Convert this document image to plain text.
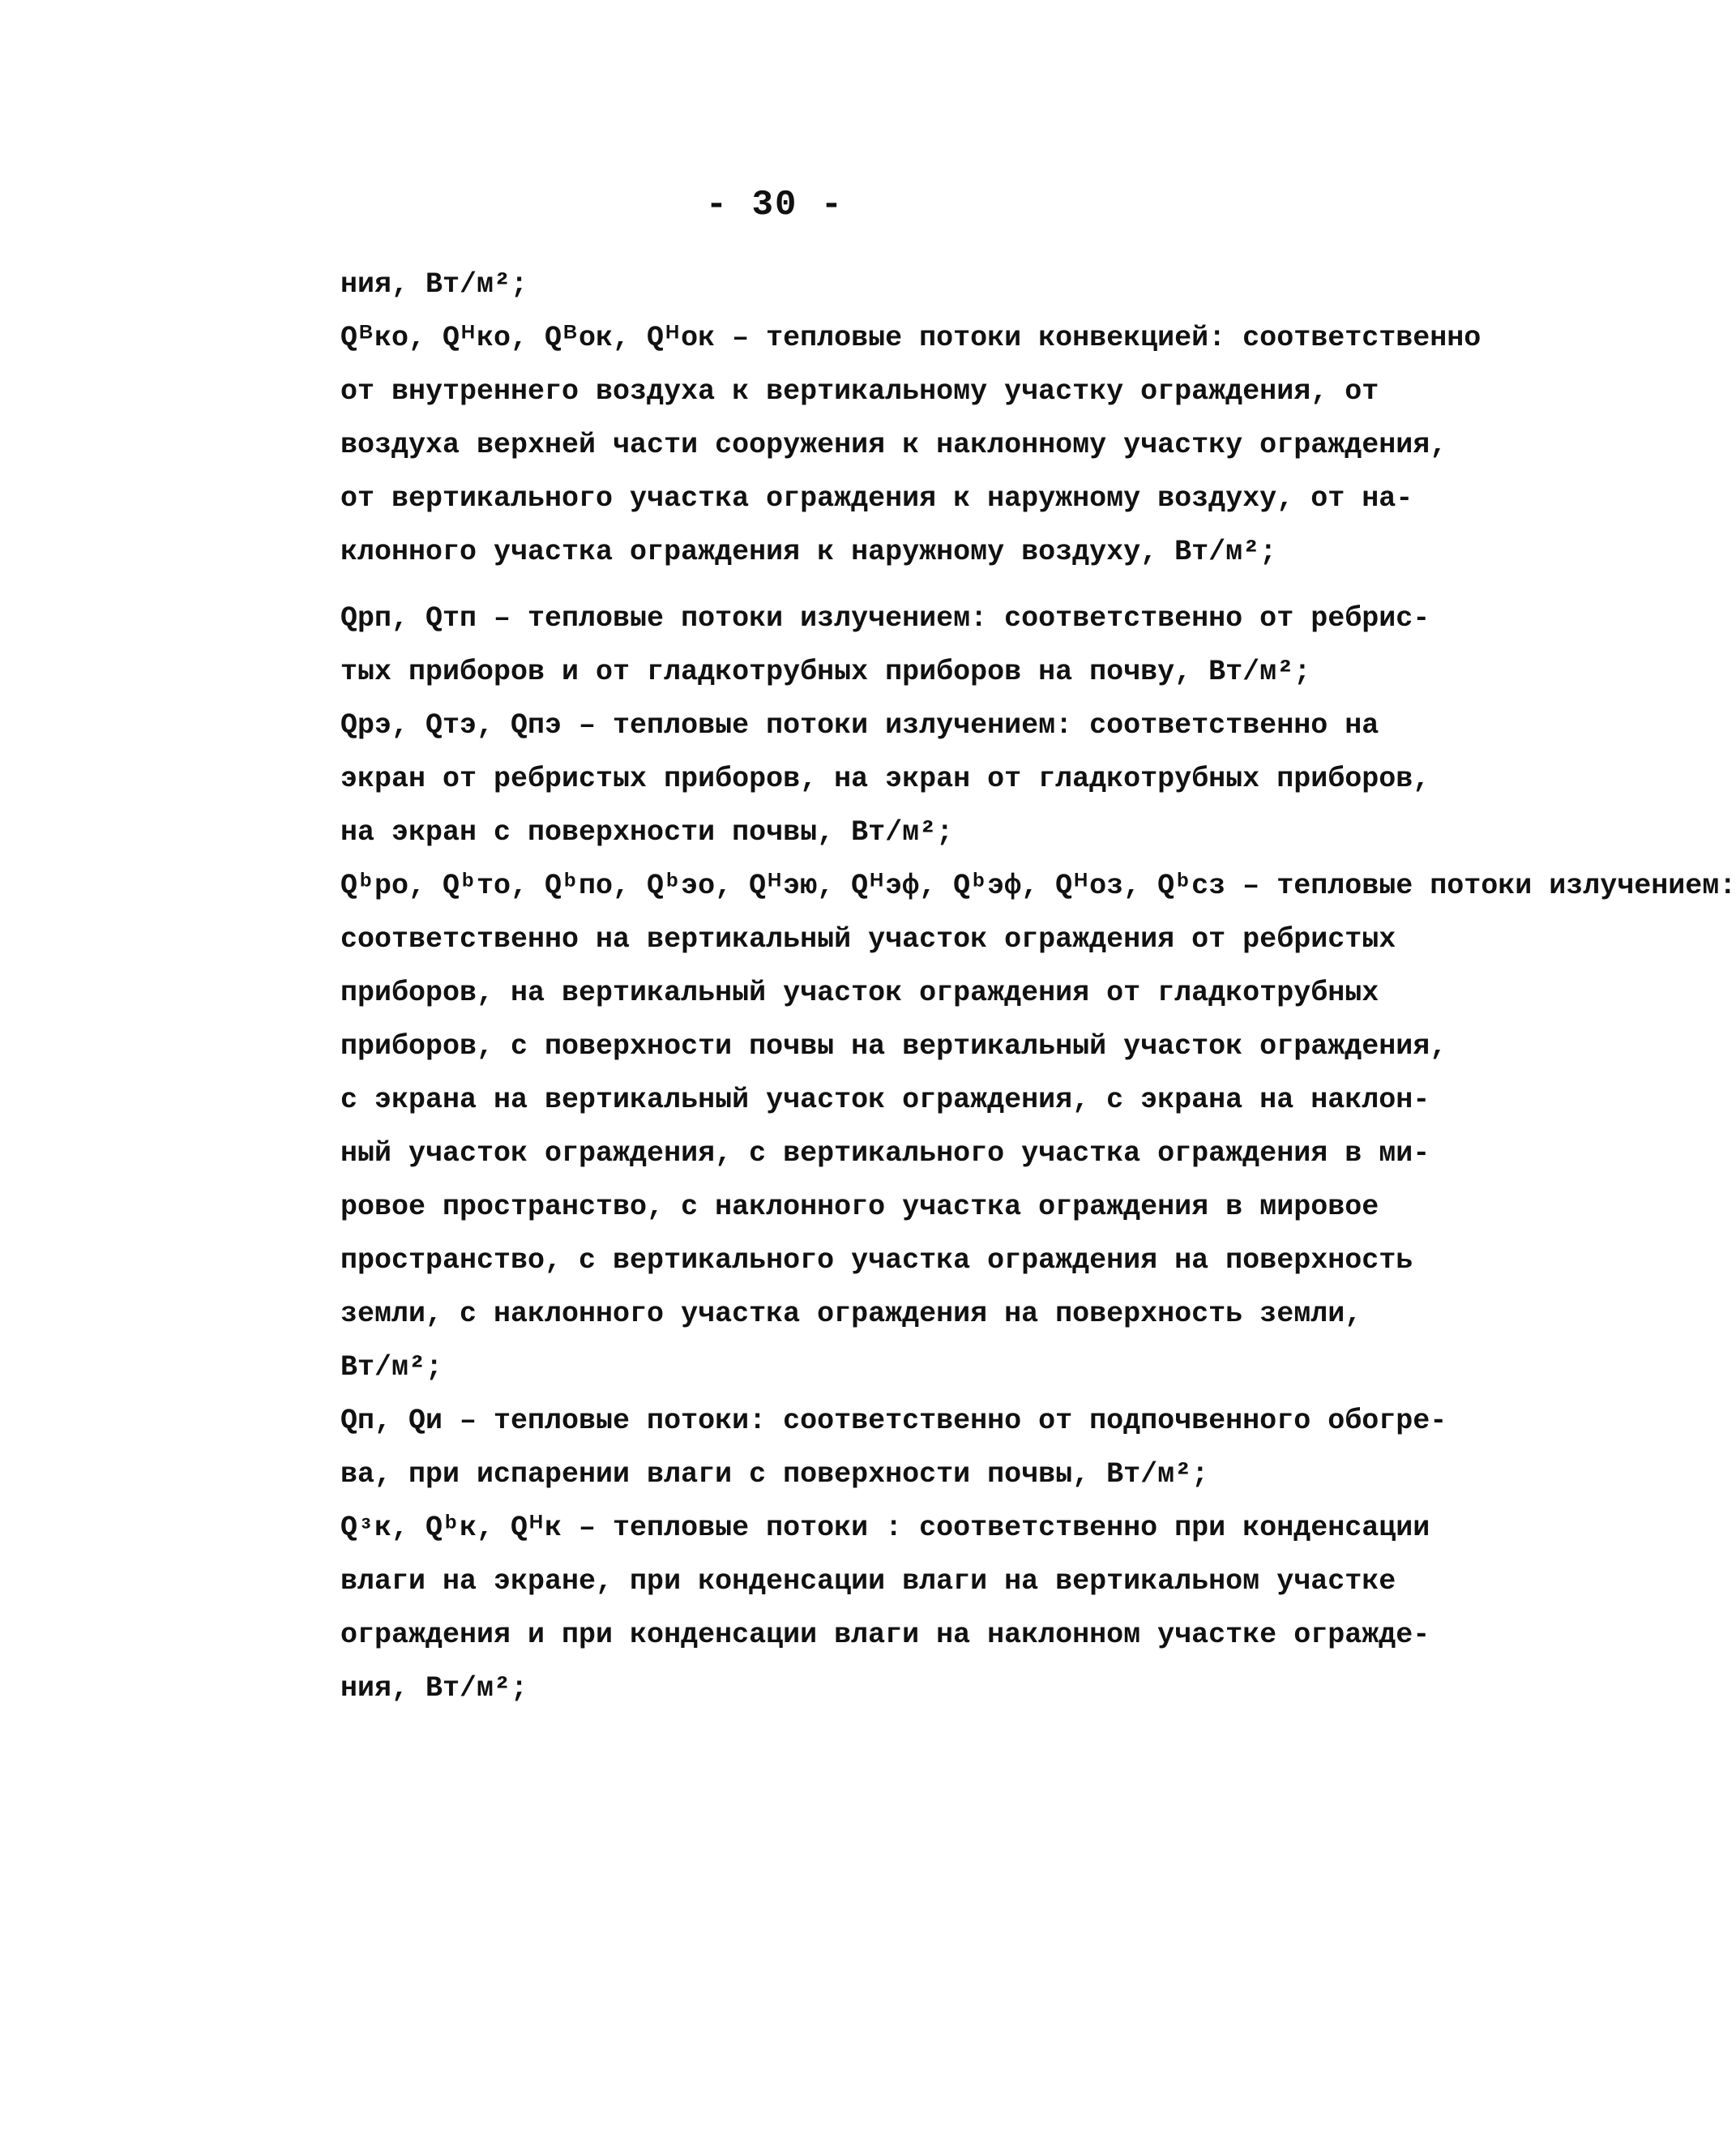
- 30 -
ния, Вт/м²;
Qᴮко, Qᴴко, Qᴮок, Qᴴок – тепловые потоки конвекцией: соответственно
от внутреннего воздуха к вертикальному участку ограждения, от
воздуха верхней части сооружения к наклонному участку ограждения,
от вертикального участка ограждения к наружному воздуху, от на-
клонного участка ограждения к наружному воздуху, Вт/м²;
Qрп, Qтп – тепловые потоки излучением: соответственно от ребрис-
тых приборов и от гладкотрубных приборов на почву, Вт/м²;
Qрэ, Qтэ, Qпэ – тепловые потоки излучением: соответственно на
экран от ребристых приборов, на экран от гладкотрубных приборов,
на экран с поверхности почвы, Вт/м²;
Qᵇро, Qᵇто, Qᵇпо, Qᵇэо, Qᴴэю, Qᴴэф, Qᵇэф, Qᴴоз, Qᵇсз – тепловые потоки излучением:
соответственно на вертикальный участок ограждения от ребристых
приборов, на вертикальный участок ограждения от гладкотрубных
приборов, с поверхности почвы на вертикальный участок ограждения,
с экрана на вертикальный участок ограждения, с экрана на наклон-
ный участок ограждения, с вертикального участка ограждения в ми-
ровое пространство, с наклонного участка ограждения в мировое
пространство, с вертикального участка ограждения на поверхность
земли, с наклонного участка ограждения на поверхность земли,
Вт/м²;
Qп, Qи – тепловые потоки: соответственно от подпочвенного обогре-
ва, при испарении влаги с поверхности почвы, Вт/м²;
Qᵌк, Qᵇк, Qᴴк – тепловые потоки : соответственно при конденсации
влаги на экране, при конденсации влаги на вертикальном участке
ограждения и при конденсации влаги на наклонном участке огражде-
ния, Вт/м²;
